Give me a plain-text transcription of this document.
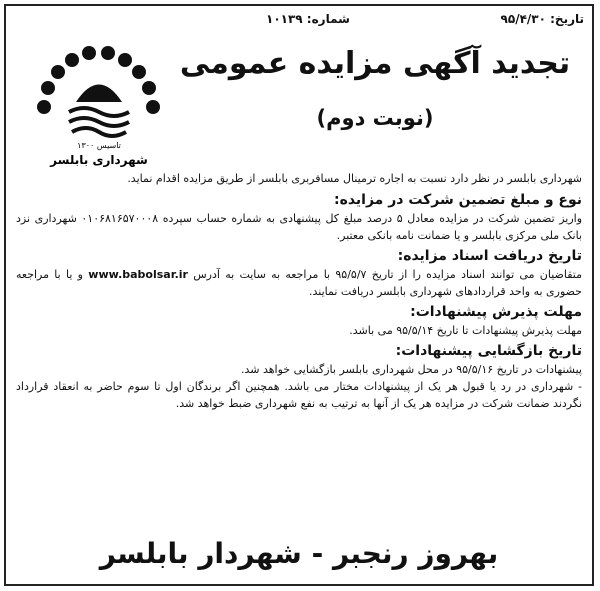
تاریخ: ۹۵/۴/۳۰
شماره: ۱۰۱۳۹
تاسیس ۱۳۰۰
شهرداری بابلسر
تجدید آگهی مزایده عمومی
(نوبت دوم)

شهرداری بابلسر در نظر دارد نسبت به اجاره ترمینال مسافربری بابلسر از طریق مزایده اقدام نماید.

نوع و مبلغ تضمین شرکت در مزایده:

واریز تضمین شرکت در مزایده معادل ۵ درصد مبلغ کل پیشنهادی به شماره حساب سپرده ۰۱۰۶۸۱۶۵۷۰۰۰۸ شهرداری نزد بانک ملی مرکزی بابلسر و یا ضمانت نامه بانکی معتبر.

تاریخ دریافت اسناد مزایده:

متقاضیان می توانند اسناد مزایده را از تاریخ ۹۵/۵/۷ با مراجعه به سایت به آدرس www.babolsar.ir و یا با مراجعه حضوری به واحد قراردادهای شهرداری بابلسر دریافت نمایند.

مهلت پذیرش پیشنهادات:

مهلت پذیرش پیشنهادات تا تاریخ ۹۵/۵/۱۴ می باشد.

تاریخ بازگشایی پیشنهادات:

پیشنهادات در تاریخ ۹۵/۵/۱۶ در محل شهرداری بابلسر بازگشایی خواهد شد.

- شهرداری در رد یا قبول هر یک از پیشنهادات مختار می باشد. همچنین اگر برندگان اول تا سوم حاضر به انعقاد قرارداد نگردند ضمانت شرکت در مزایده هر یک از آنها به ترتیب به نفع شهرداری ضبط خواهد شد.

بهروز رنجبر - شهردار بابلسر
